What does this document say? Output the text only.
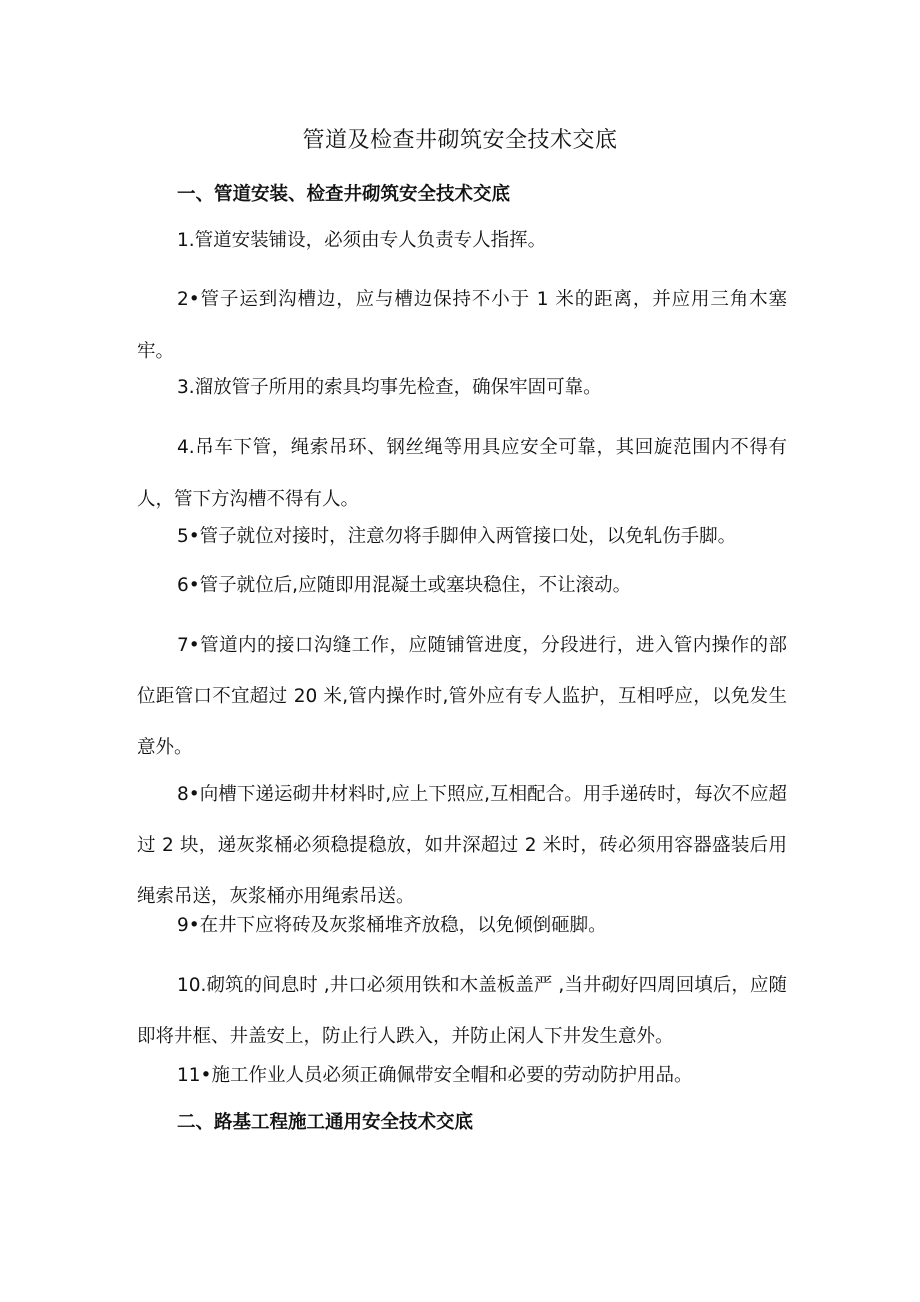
管道及检查井砌筑安全技术交底

一、管道安装、检查井砌筑安全技术交底

1.管道安装铺设，必须由专人负责专人指挥。

2•管子运到沟槽边，应与槽边保持不小于 1 米的距离，并应用三角木塞牢。

3.溜放管子所用的索具均事先检查，确保牢固可靠。

4.吊车下管，绳索吊环、钢丝绳等用具应安全可靠，其回旋范围内不得有人，管下方沟槽不得有人。

5•管子就位对接时，注意勿将手脚伸入两管接口处，以免轧伤手脚。

6•管子就位后,应随即用混凝土或塞块稳住，不让滚动。

7•管道内的接口沟缝工作，应随铺管进度，分段进行，进入管内操作的部位距管口不宜超过 20 米,管内操作时,管外应有专人监护，互相呼应，以免发生意外。

8•向槽下递运砌井材料时,应上下照应,互相配合。用手递砖时，每次不应超过 2 块，递灰浆桶必须稳提稳放，如井深超过 2 米时，砖必须用容器盛装后用绳索吊送，灰浆桶亦用绳索吊送。

9•在井下应将砖及灰浆桶堆齐放稳，以免倾倒砸脚。

10.砌筑的间息时 ,井口必须用铁和木盖板盖严 ,当井砌好四周回填后，应随即将井框、井盖安上，防止行人跌入，并防止闲人下井发生意外。

11•施工作业人员必须正确佩带安全帽和必要的劳动防护用品。

二、路基工程施工通用安全技术交底
